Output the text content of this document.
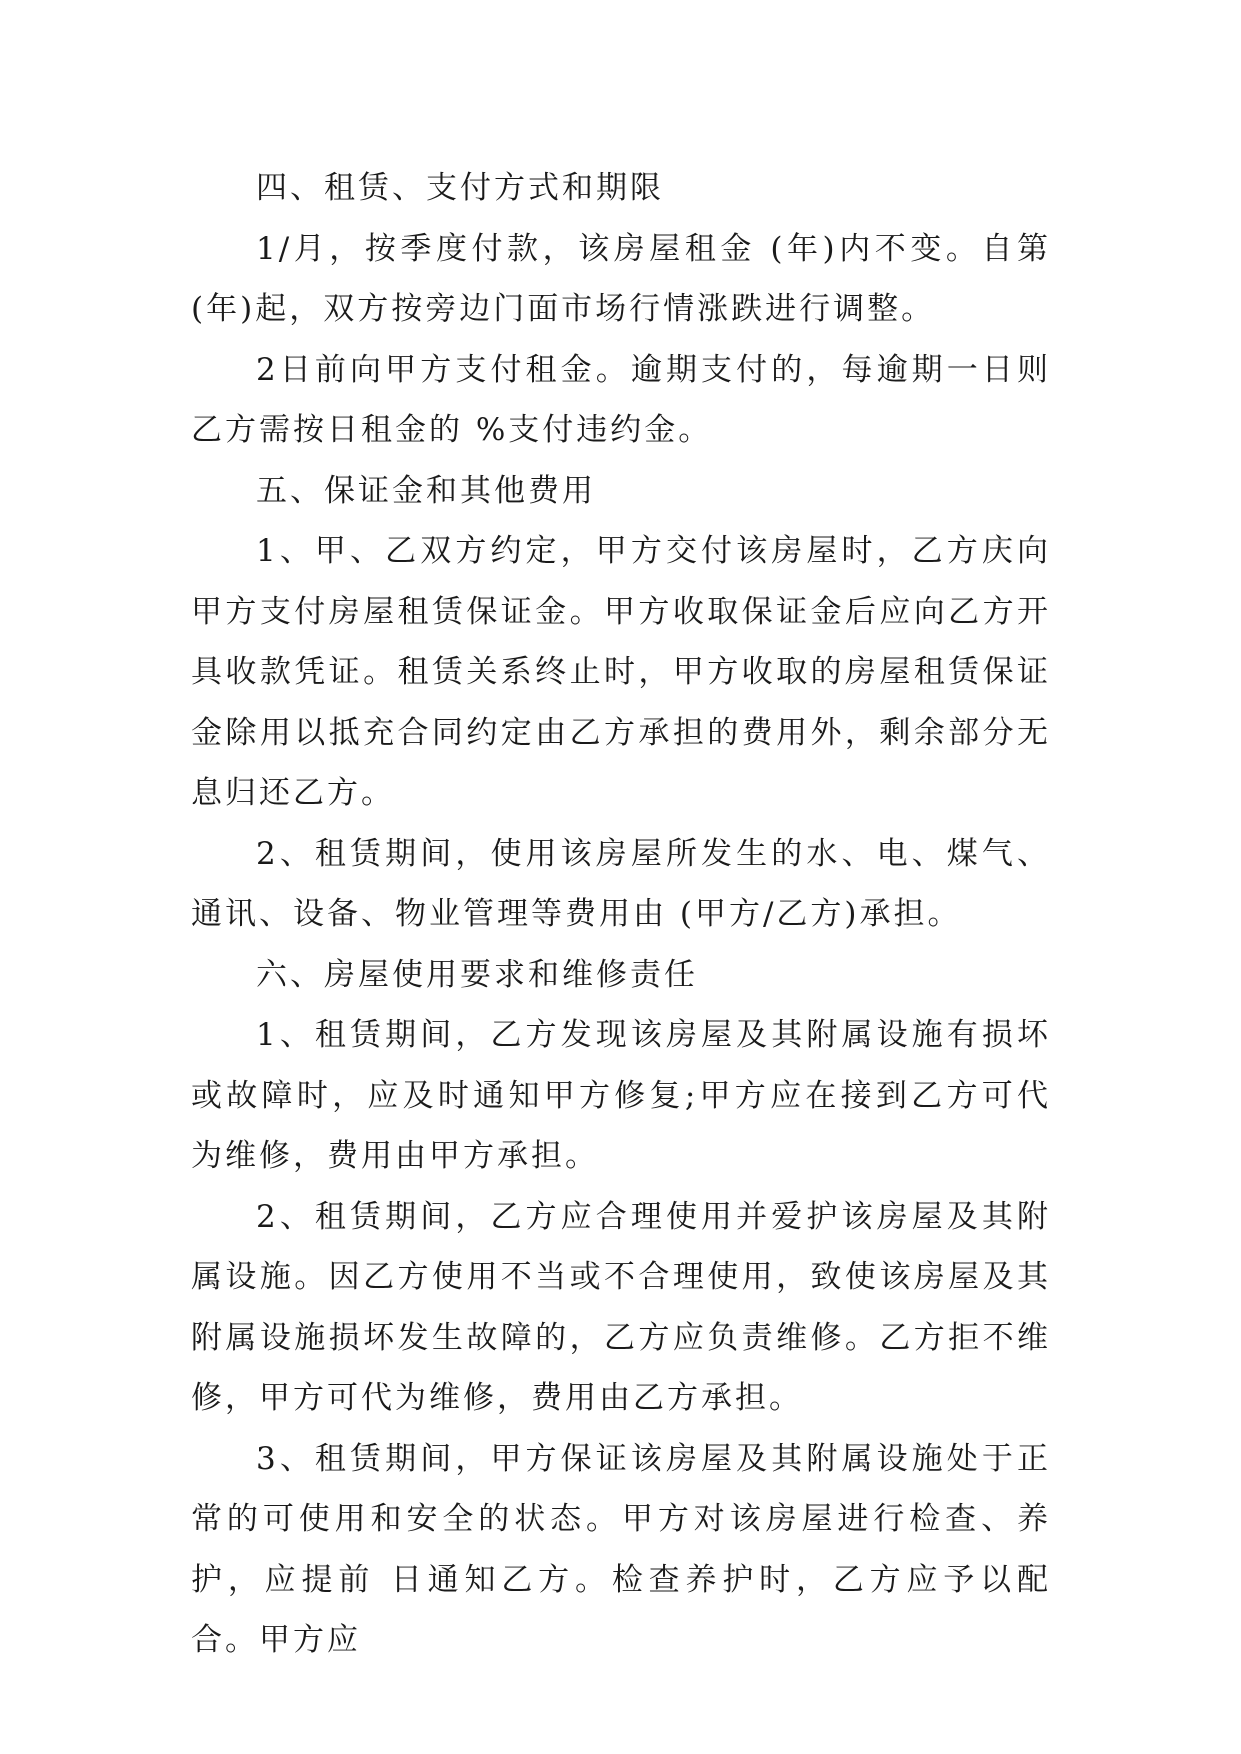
四、租赁、支付方式和期限

1/月，按季度付款，该房屋租金 (年)内不变。自第 (年)起，双方按旁边门面市场行情涨跌进行调整。

2日前向甲方支付租金。逾期支付的，每逾期一日则乙方需按日租金的 %支付违约金。

五、保证金和其他费用

1、甲、乙双方约定，甲方交付该房屋时，乙方庆向甲方支付房屋租赁保证金。甲方收取保证金后应向乙方开具收款凭证。租赁关系终止时，甲方收取的房屋租赁保证金除用以抵充合同约定由乙方承担的费用外，剩余部分无息归还乙方。

2、租赁期间，使用该房屋所发生的水、电、煤气、通讯、设备、物业管理等费用由 (甲方/乙方)承担。

六、房屋使用要求和维修责任

1、租赁期间，乙方发现该房屋及其附属设施有损坏或故障时，应及时通知甲方修复;甲方应在接到乙方可代为维修，费用由甲方承担。

2、租赁期间，乙方应合理使用并爱护该房屋及其附属设施。因乙方使用不当或不合理使用，致使该房屋及其附属设施损坏发生故障的，乙方应负责维修。乙方拒不维修，甲方可代为维修，费用由乙方承担。

3、租赁期间，甲方保证该房屋及其附属设施处于正常的可使用和安全的状态。甲方对该房屋进行检查、养护，应提前 日通知乙方。检查养护时，乙方应予以配合。甲方应
